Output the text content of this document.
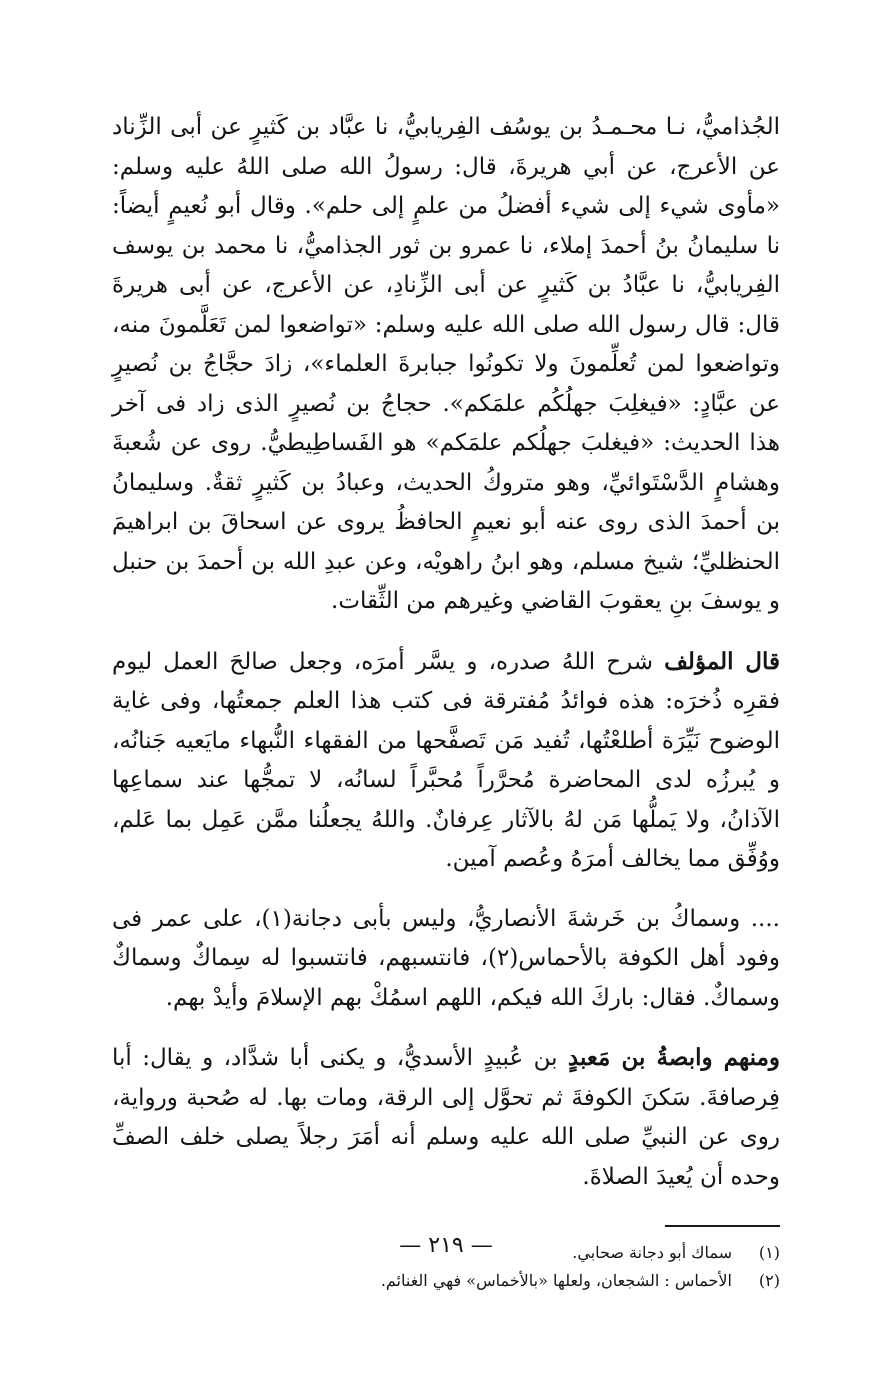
الجُذاميُّ، نـا محـمـدُ بن يوسُف الفِريابيُّ، نا عبَّاد بن كَثيرٍ عن أبى الزِّناد عن الأعرج، عن أبي هريرةَ، قال: رسولُ الله صلى اللهُ عليه وسلم: «مأوى شيء إلى شيء أفضلُ من علمٍ إلى حلم». وقال أبو نُعيمٍ أيضاً: نا سليمانُ بنُ أحمدَ إملاء، نا عمرو بن ثور الجذاميُّ، نا محمد بن يوسف الفِريابيُّ، نا عبَّادُ بن كَثيرٍ عن أبى الزِّنادِ، عن الأعرج، عن أبى هريرةَ قال: قال رسول الله صلى الله عليه وسلم: «تواضعوا لمن تَعَلَّمونَ منه، وتواضعوا لمن تُعلِّمونَ ولا تكونُوا جبابرةَ العلماء»، زادَ حجَّاجُ بن نُصيرٍ عن عبَّادٍ: «فيغلِبَ جهلُكُم علمَكم». حجاجُ بن نُصيرٍ الذى زاد فى آخر هذا الحديث: «فيغلبَ جهلُكم علمَكم» هو الفَساطِيطيُّ. روى عن شُعبةَ وهشامٍ الدَّسْتَوائيِّ، وهو متروكُ الحديث، وعبادُ بن كَثيرٍ ثقةٌ. وسليمانُ بن أحمدَ الذى روى عنه أبو نعيمٍ الحافظُ يروى عن اسحاقَ بن ابراهيمَ الحنظليِّ؛ شيخ مسلم، وهو ابنُ راهويْه، وعن عبدِ الله بن أحمدَ بن حنبل و يوسفَ بنِ يعقوبَ القاضي وغيرهم من الثِّقات.

قال المؤلف شرح اللهُ صدره، و يسَّر أمرَه، وجعل صالحَ العمل ليوم فقرِه ذُخرَه: هذه فوائدُ مُفترقة فى كتب هذا العلم جمعتُها، وفى غاية الوضوح نَيِّرَة أطلعْتُها، تُفيد مَن تَصفَّحها من الفقهاء النُّبهاء مايَعيه جَنانُه، و يُبرزُه لدى المحاضرة مُحرَّراً مُحبَّراً لسانُه، لا تمجُّها عند سماعِها الآذانُ، ولا يَملُّها مَن لهُ بالآثار عِرفانٌ. واللهُ يجعلُنا ممَّن عَمِل بما عَلم، ووُفِّق مما يخالف أمرَهُ وعُصم آمين.

.... وسماكُ بن خَرشةَ الأنصاريُّ، وليس بأبى دجانة(١)، على عمر فى وفود أهل الكوفة بالأحماس(٢)، فانتسبهم، فانتسبوا له سِماكٌ وسماكٌ وسماكٌ. فقال: باركَ الله فيكم، اللهم اسمُكْ بهم الإسلامَ وأيدْ بهم.

ومنهم وابصةُ بن مَعبدٍ بن عُبيدٍ الأسديُّ، و يكنى أبا شدَّاد، و يقال: أبا فِرصافةَ. سَكنَ الكوفةَ ثم تحوَّل إلى الرقة، ومات بها. له صُحبة ورواية، روى عن النبيِّ صلى الله عليه وسلم أنه أمَرَ رجلاً يصلى خلف الصفِّ وحده أن يُعيدَ الصلاةَ.

(١)
سماك أبو دجانة صحابي.
(٢)
الأحماس : الشجعان، ولعلها «بالأخماس» فهي الغنائم.
— ٢١٩ —
